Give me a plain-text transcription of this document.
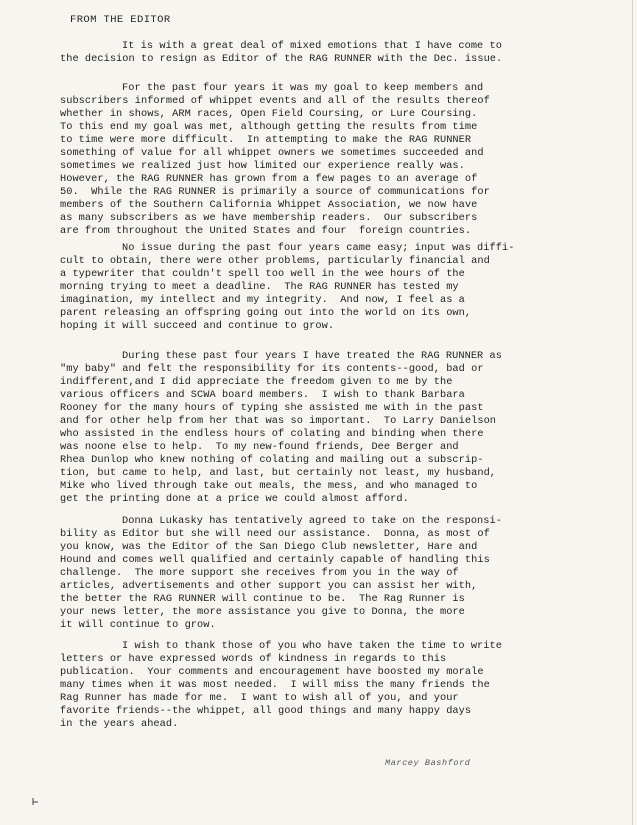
FROM THE EDITOR

It is with a great deal of mixed emotions that I have come to
the decision to resign as Editor of the RAG RUNNER with the Dec. issue.

For the past four years it was my goal to keep members and
subscribers informed of whippet events and all of the results thereof
whether in shows, ARM races, Open Field Coursing, or Lure Coursing.
To this end my goal was met, although getting the results from time
to time were more difficult.  In attempting to make the RAG RUNNER
something of value for all whippet owners we sometimes succeeded and
sometimes we realized just how limited our experience really was.
However, the RAG RUNNER has grown from a few pages to an average of
50.  While the RAG RUNNER is primarily a source of communications for
members of the Southern California Whippet Association, we now have
as many subscribers as we have membership readers.  Our subscribers
are from throughout the United States and four  foreign countries.

No issue during the past four years came easy; input was diffi-
cult to obtain, there were other problems, particularly financial and
a typewriter that couldn't spell too well in the wee hours of the
morning trying to meet a deadline.  The RAG RUNNER has tested my
imagination, my intellect and my integrity.  And now, I feel as a
parent releasing an offspring going out into the world on its own,
hoping it will succeed and continue to grow.

During these past four years I have treated the RAG RUNNER as
"my baby" and felt the responsibility for its contents--good, bad or
indifferent,and I did appreciate the freedom given to me by the
various officers and SCWA board members.  I wish to thank Barbara
Rooney for the many hours of typing she assisted me with in the past
and for other help from her that was so important.  To Larry Danielson
who assisted in the endless hours of colating and binding when there
was noone else to help.  To my new-found friends, Dee Berger and
Rhea Dunlop who knew nothing of colating and mailing out a subscrip-
tion, but came to help, and last, but certainly not least, my husband,
Mike who lived through take out meals, the mess, and who managed to
get the printing done at a price we could almost afford.

Donna Lukasky has tentatively agreed to take on the responsi-
bility as Editor but she will need our assistance.  Donna, as most of
you know, was the Editor of the San Diego Club newsletter, Hare and
Hound and comes well qualified and certainly capable of handling this
challenge.  The more support she receives from you in the way of
articles, advertisements and other support you can assist her with,
the better the RAG RUNNER will continue to be.  The Rag Runner is
your news letter, the more assistance you give to Donna, the more
it will continue to grow.

I wish to thank those of you who have taken the time to write
letters or have expressed words of kindness in regards to this
publication.  Your comments and encouragement have boosted my morale
many times when it was most needed.  I will miss the many friends the
Rag Runner has made for me.  I want to wish all of you, and your
favorite friends--the whippet, all good things and many happy days
in the years ahead.

Marcey Bashford
